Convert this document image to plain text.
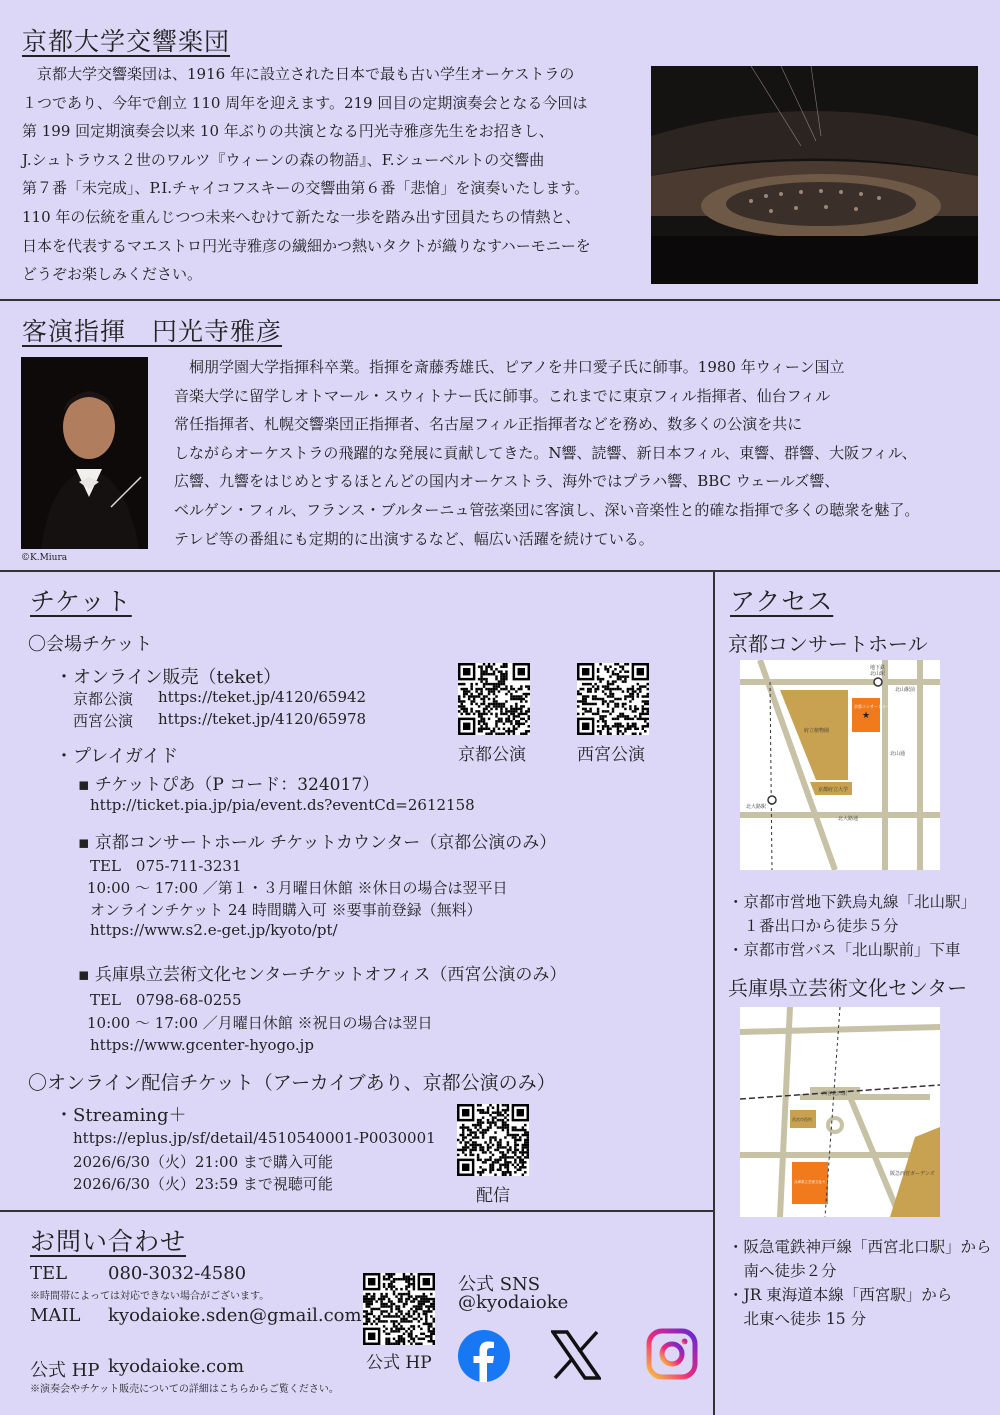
京都大学交響楽団
　京都大学交響楽団は、1916 年に設立された日本で最も古い学生オーケストラの
１つであり、今年で創立 110 周年を迎えます。219 回目の定期演奏会となる今回は
第 199 回定期演奏会以来 10 年ぶりの共演となる円光寺雅彦先生をお招きし、
J.シュトラウス２世のワルツ『ウィーンの森の物語』、F.シューベルトの交響曲
第７番「未完成」、P.I.チャイコフスキーの交響曲第６番「悲愴」を演奏いたします。
110 年の伝統を重んじつつ未来へむけて新たな一歩を踏み出す団員たちの情熱と、
日本を代表するマエストロ円光寺雅彦の繊細かつ熱いタクトが織りなすハーモニーを
どうぞお楽しみください。
客演指揮　円光寺雅彦
©K.Miura
　桐朋学園大学指揮科卒業。指揮を斎藤秀雄氏、ピアノを井口愛子氏に師事。1980 年ウィーン国立
音楽大学に留学しオトマール・スウィトナー氏に師事。これまでに東京フィル指揮者、仙台フィル
常任指揮者、札幌交響楽団正指揮者、名古屋フィル正指揮者などを務め、数多くの公演を共に
しながらオーケストラの飛躍的な発展に貢献してきた。N響、読響、新日本フィル、東響、群響、大阪フィル、
広響、九響をはじめとするほとんどの国内オーケストラ、海外ではプラハ響、BBC ウェールズ響、
ベルゲン・フィル、フランス・ブルターニュ管弦楽団に客演し、深い音楽性と的確な指揮で多くの聴衆を魅了。
テレビ等の番組にも定期的に出演するなど、幅広い活躍を続けている。
チケット
〇会場チケット
・オンライン販売（teket）
京都公演 https://teket.jp/4120/65942
西宮公演 https://teket.jp/4120/65978
京都公演	西宮公演
・プレイガイド
▪ チケットぴあ（P コード：324017）
http://ticket.pia.jp/pia/event.ds?eventCd=2612158
▪ 京都コンサートホール チケットカウンター（京都公演のみ）
TEL　075-711-3231
10:00 ～ 17:00 ／第１・３月曜日休館 ※休日の場合は翌平日
オンラインチケット 24 時間購入可 ※要事前登録（無料）
https://www.s2.e-get.jp/kyoto/pt/
▪ 兵庫県立芸術文化センターチケットオフィス（西宮公演のみ）
TEL　0798-68-0255
10:00 ～ 17:00 ／月曜日休館 ※祝日の場合は翌日
https://www.gcenter-hyogo.jp
〇オンライン配信チケット（アーカイブあり、京都公演のみ）
・Streaming＋
https://eplus.jp/sf/detail/4510540001-P0030001
2026/6/30（火）21:00 まで購入可能
2026/6/30（火）23:59 まで視聴可能
配信
お問い合わせ
TEL 080-3032-4580
※時間帯によっては対応できない場合がございます。
MAIL kyodaioke.sden@gmail.com
公式 HP kyodaioke.com
※演奏会やチケット販売についての詳細はこちらからご覧ください。
公式 HP
公式 SNS
@kyodaioke
アクセス
京都コンサートホール
★
地下鉄
北山駅
北山駅前
京都コンサートホール
府立植物園
京都府立大学
北大路駅
北大路通
北山通
・京都市営地下鉄烏丸線「北山駅」
　１番出口から徒歩５分
・京都市営バス「北山駅前」下車
兵庫県立芸術文化センター
西宮北口駅
西宮市役所
兵庫県立芸術文化センター
阪急西宮ガーデンズ
・阪急電鉄神戸線「西宮北口駅」から
　南へ徒歩２分
・JR 東海道本線「西宮駅」から
　北東へ徒歩 15 分
